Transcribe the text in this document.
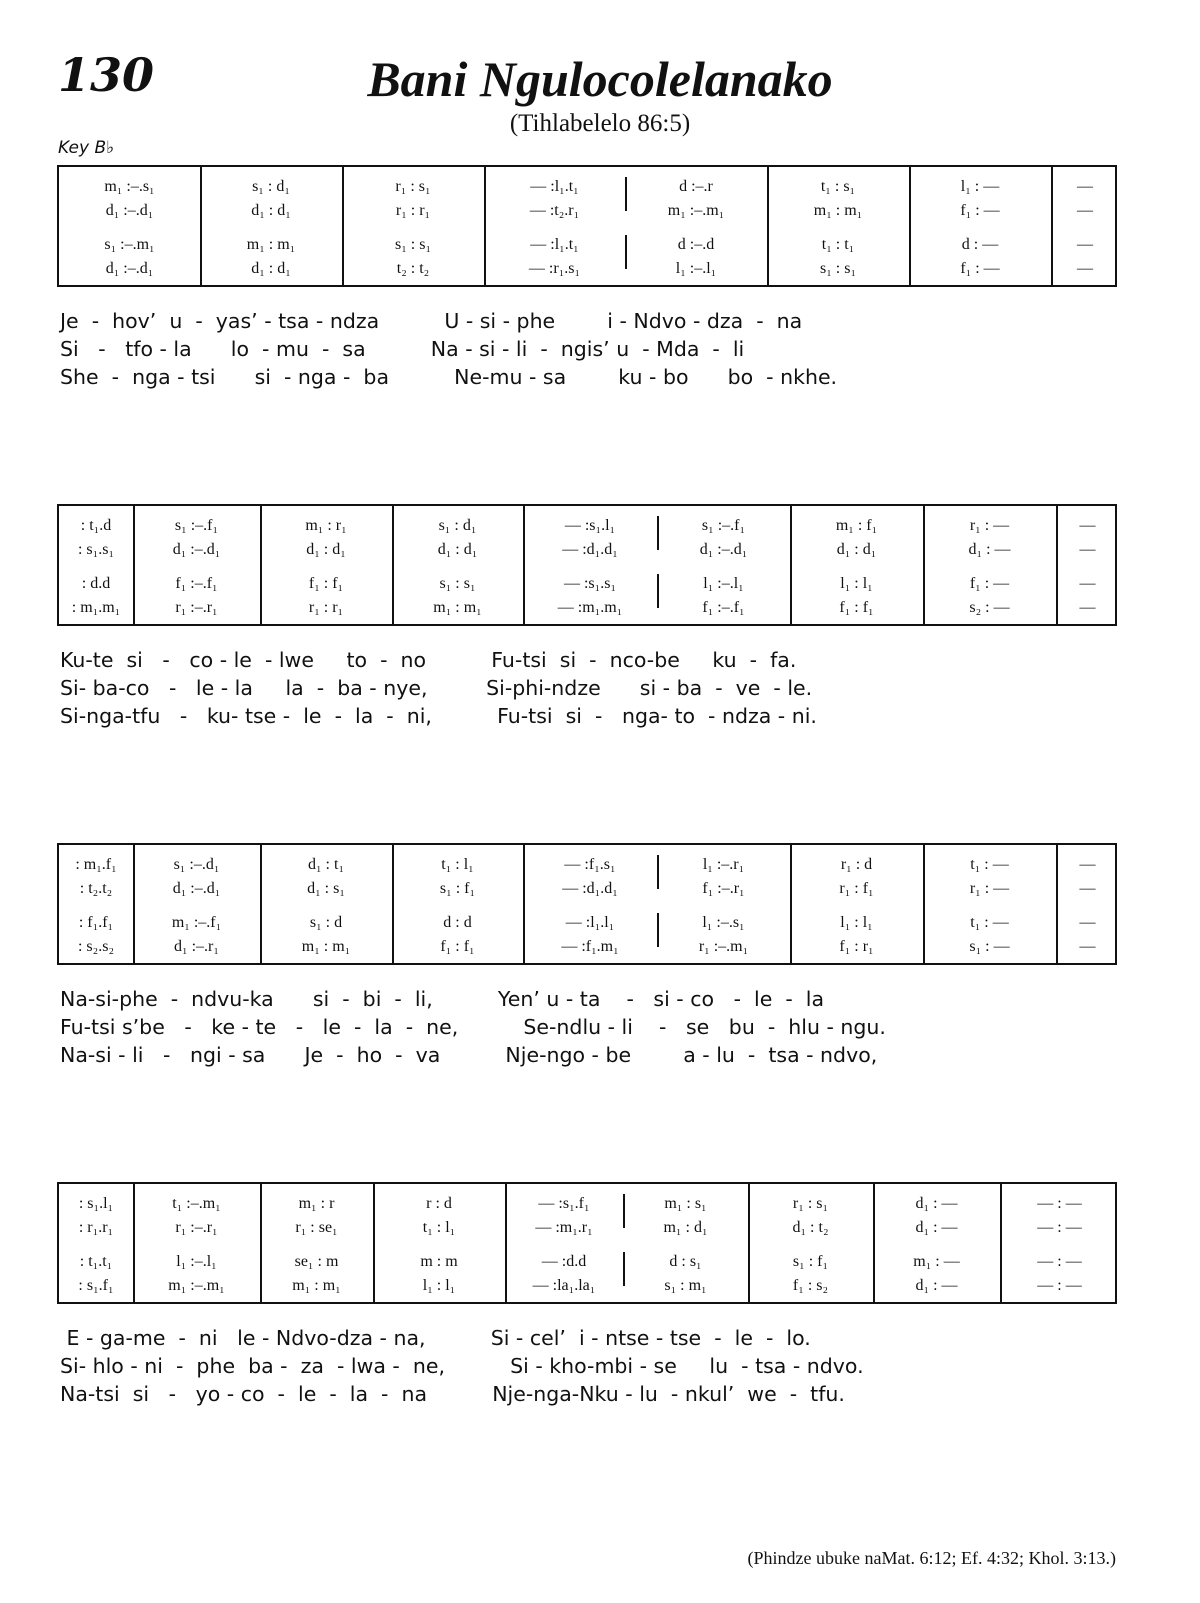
130	Bani Ngulocolelanako
(Tihlabelelo 86:5)
Key B♭
m₁ :–.s₁	s₁ : d₁	r₁ : s₁	— :l₁.t₁	d :–.r	t₁ : s₁	l₁ : —	—
d₁ :–.d₁	d₁ : d₁	r₁ : r₁	— :t₂.r₁	m₁ :–.m₁	m₁ : m₁	f₁ : —	—
s₁ :–.m₁	m₁ : m₁	s₁ : s₁	— :l₁.t₁	d :–.d	t₁ : t₁	d : —	—
d₁ :–.d₁	d₁ : d₁	t₂ : t₂	— :r₁.s₁	l₁ :–.l₁	s₁ : s₁	f₁ : —	—
Je  -  hov’  u  -  yas’ - tsa - ndza          U - si - phe        i - Ndvo - dza  -  na
Si   -   tfo - la      lo  - mu  -  sa          Na - si - li  -  ngis’ u  - Mda  -  li
She  -  nga - tsi      si  - nga -  ba          Ne-mu - sa        ku - bo      bo  - nkhe.
: t₁.d	s₁ :–.f₁	m₁ : r₁	s₁ : d₁	— :s₁.l₁	s₁ :–.f₁	m₁ : f₁	r₁ : —	—
: s₁.s₁	d₁ :–.d₁	d₁ : d₁	d₁ : d₁	— :d₁.d₁	d₁ :–.d₁	d₁ : d₁	d₁ : —	—
: d.d	f₁ :–.f₁	f₁ : f₁	s₁ : s₁	— :s₁.s₁	l₁ :–.l₁	l₁ : l₁	f₁ : —	—
: m₁.m₁	r₁ :–.r₁	r₁ : r₁	m₁ : m₁	— :m₁.m₁	f₁ :–.f₁	f₁ : f₁	s₂ : —	—
Ku-te  si   -   co - le  - lwe     to  -  no          Fu-tsi  si  -  nco-be     ku  -  fa.
Si- ba-co   -   le - la     la  -  ba - nye,         Si-phi-ndze      si - ba  -  ve  - le.
Si-nga-tfu   -   ku- tse -  le  -  la  -  ni,          Fu-tsi  si  -   nga- to  - ndza - ni.
: m₁.f₁	s₁ :–.d₁	d₁ : t₁	t₁ : l₁	— :f₁.s₁	l₁ :–.r₁	r₁ : d	t₁ : —	—
: t₂.t₂	d₁ :–.d₁	d₁ : s₁	s₁ : f₁	— :d₁.d₁	f₁ :–.r₁	r₁ : f₁	r₁ : —	—
: f₁.f₁	m₁ :–.f₁	s₁ : d	d : d	— :l₁.l₁	l₁ :–.s₁	l₁ : l₁	t₁ : —	—
: s₂.s₂	d₁ :–.r₁	m₁ : m₁	f₁ : f₁	— :f₁.m₁	r₁ :–.m₁	f₁ : r₁	s₁ : —	—
Na-si-phe  -  ndvu-ka      si  -  bi  -  li,          Yen’ u - ta    -   si - co   -  le  -  la
Fu-tsi s’be   -   ke - te   -   le  -  la  -  ne,          Se-ndlu - li    -   se   bu  -  hlu - ngu.
Na-si - li   -   ngi - sa      Je  -  ho  -  va          Nje-ngo - be        a - lu  -  tsa - ndvo,
: s₁.l₁	t₁ :–.m₁	m₁ : r	r : d	— :s₁.f₁	m₁ : s₁	r₁ : s₁	d₁ : —	— : —
: r₁.r₁	r₁ :–.r₁	r₁ : se₁	t₁ : l₁	— :m₁.r₁	m₁ : d₁	d₁ : t₂	d₁ : —	— : —
: t₁.t₁	l₁ :–.l₁	se₁ : m	m : m	— :d.d	d : s₁	s₁ : f₁	m₁ : —	— : —
: s₁.f₁	m₁ :–.m₁	m₁ : m₁	l₁ : l₁	— :la₁.la₁	s₁ : m₁	f₁ : s₂	d₁ : —	— : —
E - ga-me  -  ni   le - Ndvo-dza - na,          Si - cel’  i - ntse - tse  -  le  -  lo.
Si- hlo - ni  -  phe  ba -  za  - lwa -  ne,          Si - kho-mbi - se     lu  - tsa - ndvo.
Na-tsi  si   -   yo - co  -  le  -  la  -  na          Nje-nga-Nku - lu  - nkul’  we  -  tfu.
(Phindze ubuke naMat. 6:12; Ef. 4:32; Khol. 3:13.)
